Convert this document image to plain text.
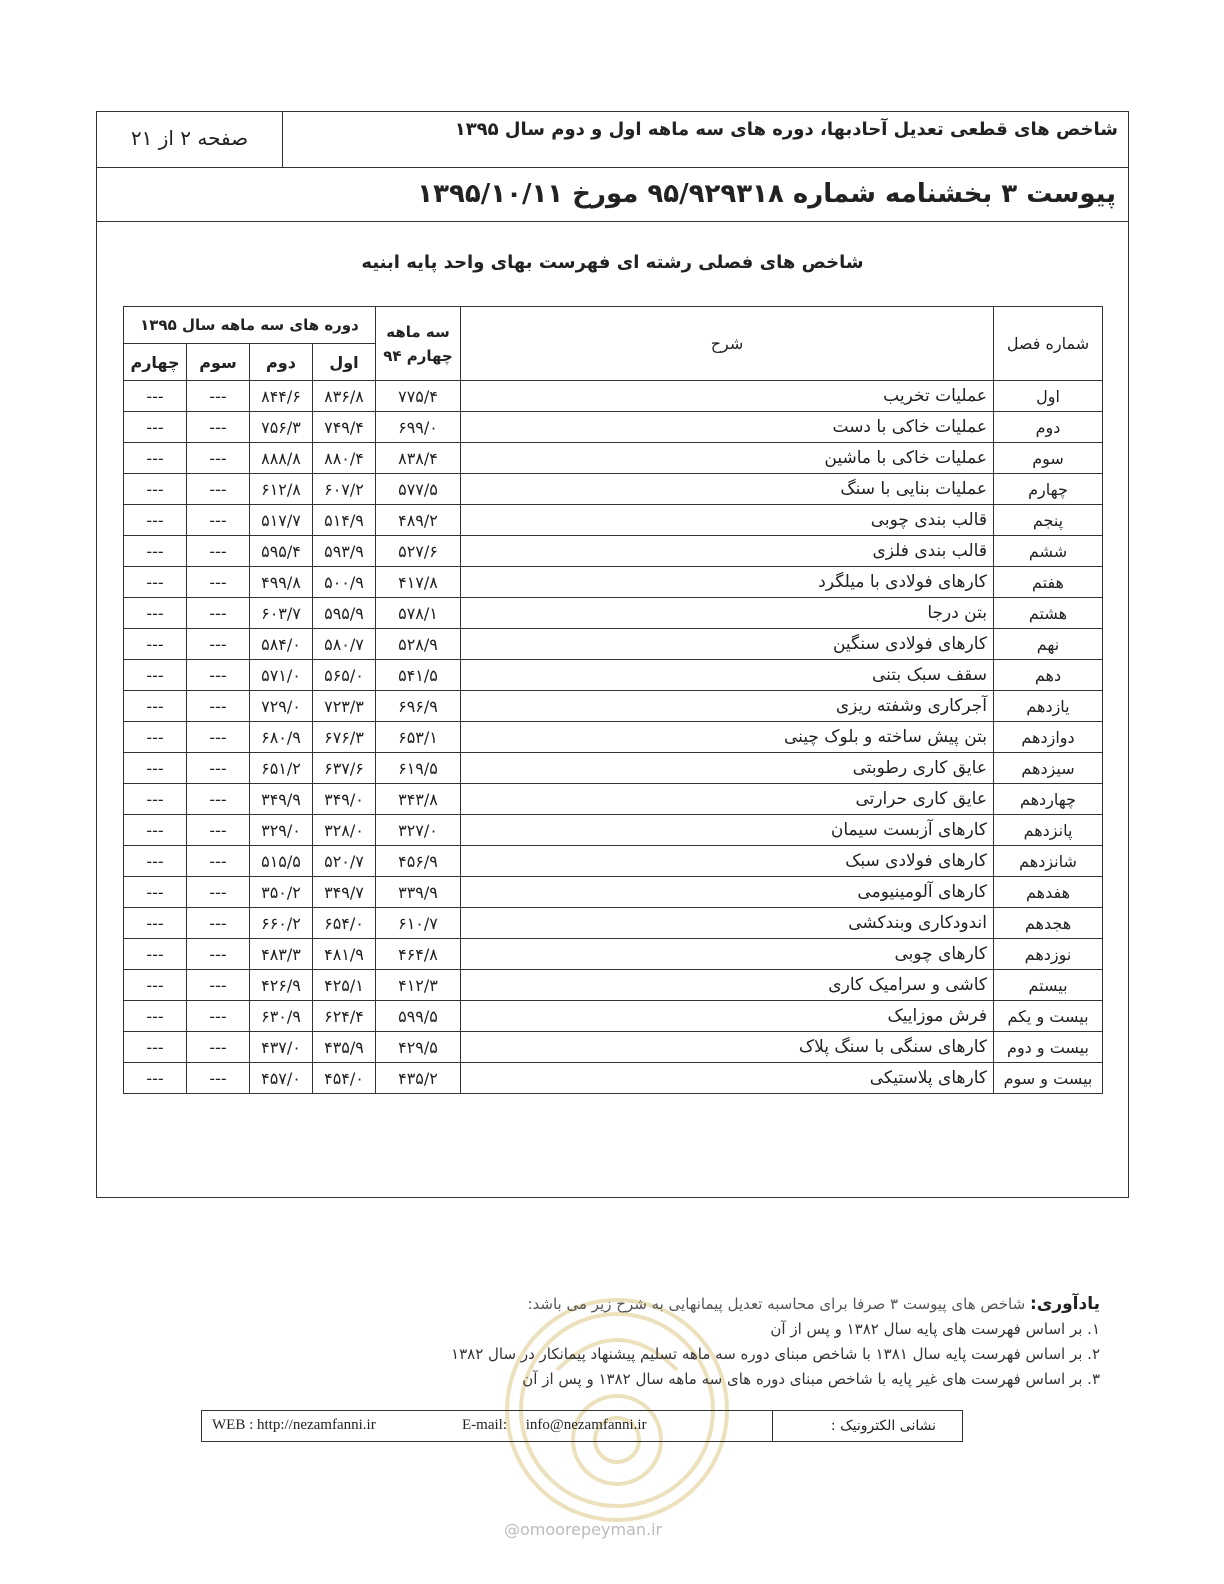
شاخص های قطعی تعدیل آحادبها، دوره های سه ماهه اول و دوم سال ۱۳۹۵
صفحه ۲ از ۲۱
پیوست ۳ بخشنامه شماره ۹۵/۹۲۹۳۱۸ مورخ ۱۳۹۵/۱۰/۱۱
شاخص های فصلی رشته ای فهرست بهای واحد پایه ابنیه
شماره فصل	شرح	سه ماهه چهارم ۹۴	دوره های سه ماهه سال ۱۳۹۵			
			اول	دوم	سوم	چهارم
اول	عملیات تخریب	۷۷۵/۴	۸۳۶/۸	۸۴۴/۶	---	---
دوم	عملیات خاکی با دست	۶۹۹/۰	۷۴۹/۴	۷۵۶/۳	---	---
سوم	عملیات خاکی با ماشین	۸۳۸/۴	۸۸۰/۴	۸۸۸/۸	---	---
چهارم	عملیات بنایی با سنگ	۵۷۷/۵	۶۰۷/۲	۶۱۲/۸	---	---
پنجم	قالب بندی چوبی	۴۸۹/۲	۵۱۴/۹	۵۱۷/۷	---	---
ششم	قالب بندی فلزی	۵۲۷/۶	۵۹۳/۹	۵۹۵/۴	---	---
هفتم	کارهای فولادی با میلگرد	۴۱۷/۸	۵۰۰/۹	۴۹۹/۸	---	---
هشتم	بتن درجا	۵۷۸/۱	۵۹۵/۹	۶۰۳/۷	---	---
نهم	کارهای فولادی سنگین	۵۲۸/۹	۵۸۰/۷	۵۸۴/۰	---	---
دهم	سقف سبک بتنی	۵۴۱/۵	۵۶۵/۰	۵۷۱/۰	---	---
یازدهم	آجرکاری وشفته ریزی	۶۹۶/۹	۷۲۳/۳	۷۲۹/۰	---	---
دوازدهم	بتن پیش ساخته و بلوک چینی	۶۵۳/۱	۶۷۶/۳	۶۸۰/۹	---	---
سیزدهم	عایق کاری رطوبتی	۶۱۹/۵	۶۳۷/۶	۶۵۱/۲	---	---
چهاردهم	عایق کاری حرارتی	۳۴۳/۸	۳۴۹/۰	۳۴۹/۹	---	---
پانزدهم	کارهای آزبست سیمان	۳۲۷/۰	۳۲۸/۰	۳۲۹/۰	---	---
شانزدهم	کارهای فولادی سبک	۴۵۶/۹	۵۲۰/۷	۵۱۵/۵	---	---
هفدهم	کارهای آلومینیومی	۳۳۹/۹	۳۴۹/۷	۳۵۰/۲	---	---
هجدهم	اندودکاری وبندکشی	۶۱۰/۷	۶۵۴/۰	۶۶۰/۲	---	---
نوزدهم	کارهای چوبی	۴۶۴/۸	۴۸۱/۹	۴۸۳/۳	---	---
بیستم	کاشی و سرامیک کاری	۴۱۲/۳	۴۲۵/۱	۴۲۶/۹	---	---
بیست و یکم	فرش موزاییک	۵۹۹/۵	۶۲۴/۴	۶۳۰/۹	---	---
بیست و دوم	کارهای سنگی با سنگ پلاک	۴۲۹/۵	۴۳۵/۹	۴۳۷/۰	---	---
بیست و سوم	کارهای پلاستیکی	۴۳۵/۲	۴۵۴/۰	۴۵۷/۰	---	---
یادآوری: شاخص های پیوست ۳ صرفا برای محاسبه تعدیل پیمانهایی به شرح زیر می باشد:
۱. بر اساس فهرست های پایه سال ۱۳۸۲ و پس از آن
۲. بر اساس فهرست پایه سال ۱۳۸۱ با شاخص مبنای دوره سه ماهه تسلیم پیشنهاد پیمانکار در سال ۱۳۸۲
۳. بر اساس فهرست های غیر پایه با شاخص مبنای دوره های سه ماهه سال ۱۳۸۲ و پس از آن
نشانی الکترونیک :
WEB : http://nezamfanni.ir	E-mail: info@nezamfanni.ir
@omoorepeyman.ir
